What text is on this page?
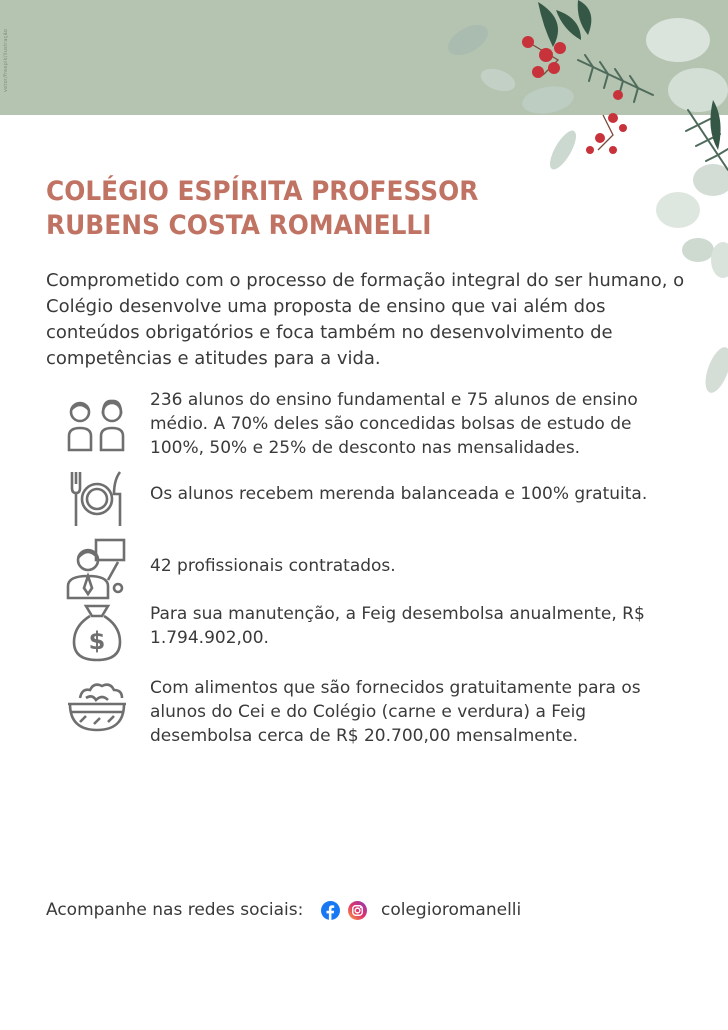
vetor/freepik/ilustração
COLÉGIO ESPÍRITA PROFESSOR
RUBENS COSTA ROMANELLI

Comprometido com o processo de formação integral do ser humano, o Colégio desenvolve uma proposta de ensino que vai além dos conteúdos obrigatórios e foca também no desenvolvimento de competências e atitudes para a vida.

236 alunos do ensino fundamental e 75 alunos de ensino médio. A 70% deles são concedidas bolsas de estudo de 100%, 50% e 25% de desconto nas mensalidades.

Os alunos recebem merenda balanceada e 100% gratuita.

42 profissionais contratados.

$

Para sua manutenção, a Feig desembolsa anualmente, R$ 1.794.902,00.

Com alimentos que são fornecidos gratuitamente para os alunos do Cei e do Colégio (carne e verdura) a Feig desembolsa cerca de R$ 20.700,00 mensalmente.

Acompanhe nas redes sociais:	colegioromanelli
